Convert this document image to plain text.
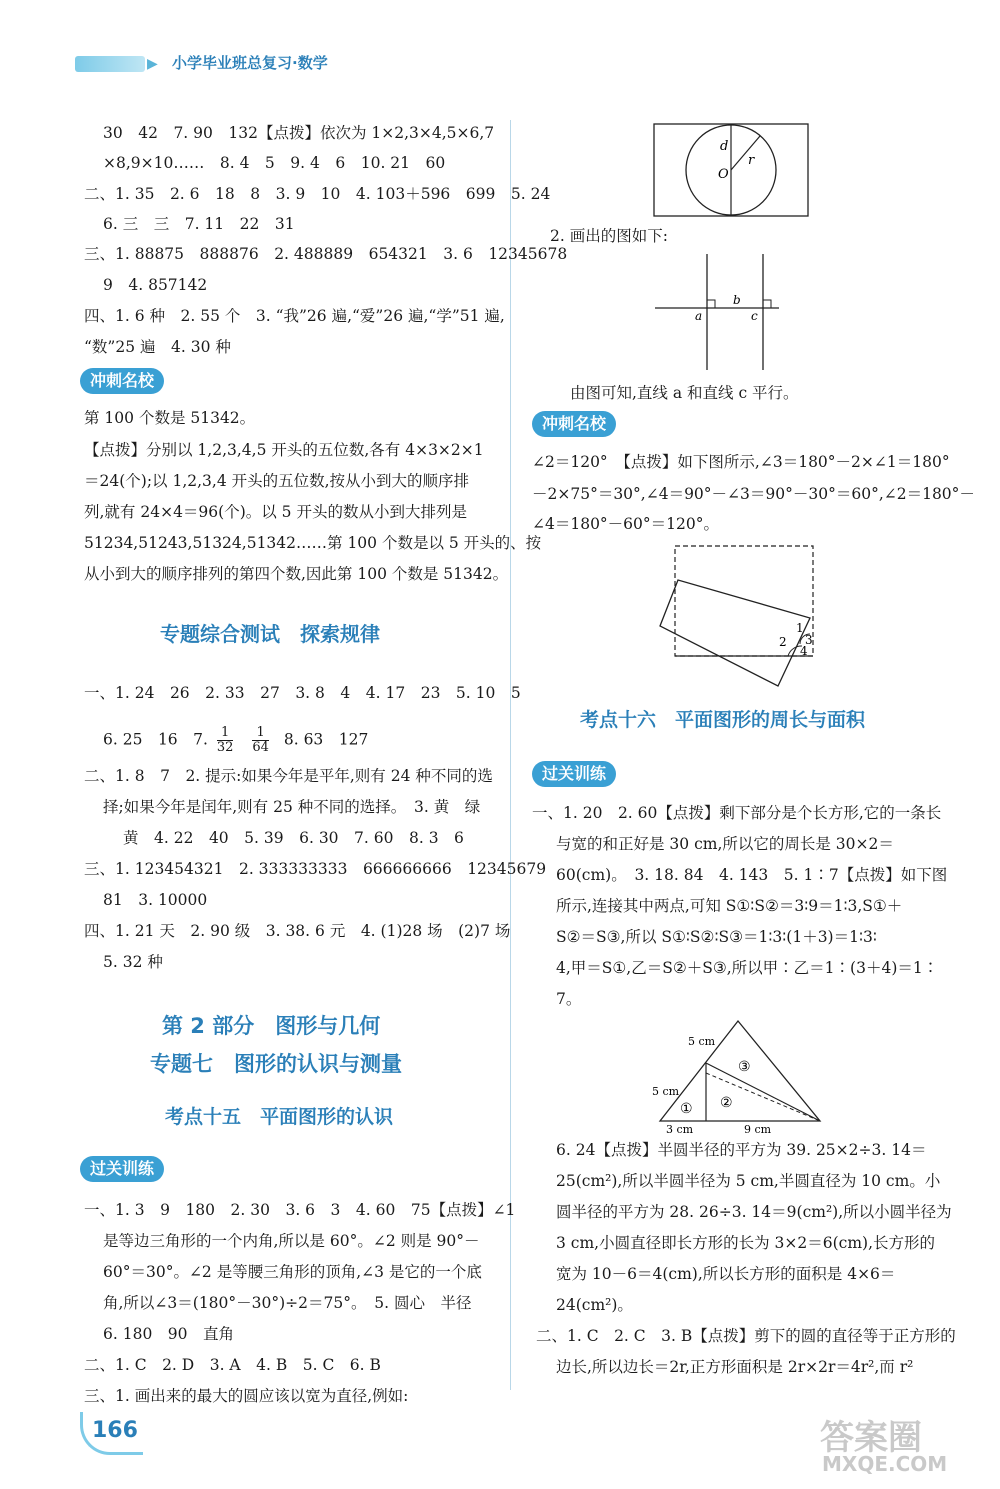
▶ 小学毕业班总复习·数学
30　42　7. 90　132【点拨】依次为 1×2,3×4,5×6,7
×8,9×10……　8. 4　5　9. 4　6　10. 21　60
二、1. 35　2. 6　18　8　3. 9　10　4. 103＋596　699　5. 24
6. 三　三　7. 11　22　31
三、1. 88875　888876　2. 488889　654321　3. 6　12345678
9　4. 857142
四、1. 6 种　2. 55 个　3. “我”26 遍,“爱”26 遍,“学”51 遍,
“数”25 遍　4. 30 种
冲刺名校
第 100 个数是 51342。
【点拨】分别以 1,2,3,4,5 开头的五位数,各有 4×3×2×1
＝24(个);以 1,2,3,4 开头的五位数,按从小到大的顺序排
列,就有 24×4＝96(个)。以 5 开头的数从小到大排列是
51234,51243,51324,51342……第 100 个数是以 5 开头的、按
从小到大的顺序排列的第四个数,因此第 100 个数是 51342。
专题综合测试　探索规律
一、1. 24　26　2. 33　27　3. 8　4　4. 17　23　5. 10　5
6. 25　16　7. $\frac{1}{32}$
$\frac{1}{64} 8$. 63　127
二、1. 8　7　2. 提示:如果今年是平年,则有 24 种不同的选
择;如果今年是闰年,则有 25 种不同的选择。　3. 黄　绿
黄　4. 22　40　5. 39　6. 30　7. 60　8. 3　6
三、1. 123454321　2. 333333333　666666666　12345679
81　3. 10000
四、1. 21 天　2. 90 级　3. 38. 6 元　4. (1)28 场　(2)7 场
5. 32 种
第 2 部分　图形与几何
专题七　图形的认识与测量
考点十五　平面图形的认识
过关训练
一、1. 3　9　180　2. 30　3. 6　3　4. 60　75【点拨】∠1
是等边三角形的一个内角,所以是 60°。∠2 则是 90°－
60°＝30°。∠2 是等腰三角形的顶角,∠3 是它的一个底
角,所以∠3＝(180°－30°)÷2＝75°。　5. 圆心　半径
6. 180　90　直角
二、1. C　2. D　3. A　4. B　5. C　6. B
三、1. 画出来的最大的圆应该以宽为直径,例如:
166
d
r
O
2. 画出的图如下:
a
b
c
由图可知,直线 a 和直线 c 平行。
冲刺名校
∠2＝120°　【点拨】如下图所示,∠3＝180°－2×∠1＝180°
－2×75°＝30°,∠4＝90°－∠3＝90°－30°＝60°,∠2＝180°－
∠4＝180°－60°＝120°。
1
2 3
4
考点十六　平面图形的周长与面积
过关训练
一、1. 20　2. 60【点拨】剩下部分是个长方形,它的一条长
与宽的和正好是 30 cm,所以它的周长是 30×2＝
60(cm)。　3. 18. 84　4. 143　5. 1∶7【点拨】如下图
所示,连接其中两点,可知 S①∶S②＝3∶9＝1∶3,S①＋
S②＝S③,所以 S①∶S②∶S③＝1∶3∶(1＋3)＝1∶3∶
4,甲＝S①,乙＝S②＋S③,所以甲∶乙＝1∶(3＋4)＝1∶
7。
5 cm
5 cm
3 cm	9 cm
① ②
③
6. 24【点拨】半圆半径的平方为 39. 25×2÷3. 14＝
25(cm²),所以半圆半径为 5 cm,半圆直径为 10 cm。小
圆半径的平方为 28. 26÷3. 14＝9(cm²),所以小圆半径为
3 cm,小圆直径即长方形的长为 3×2＝6(cm),长方形的
宽为 10－6＝4(cm),所以长方形的面积是 4×6＝
24(cm²)。
二、1. C　2. C　3. B【点拨】剪下的圆的直径等于正方形的
边长,所以边长＝2r,正方形面积是 2r×2r＝4r²,而 r²
答案圈
MXQE.COM
